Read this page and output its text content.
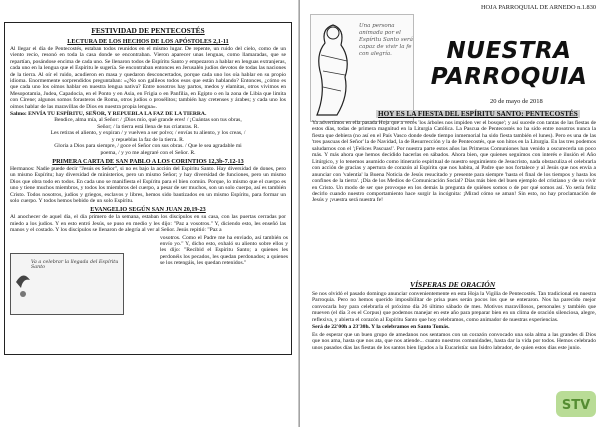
FESTIVIDAD DE PENTECOSTÉS
LECTURA DE LOS HECHOS DE LOS APÓSTOLES 2,1-11

Al llegar el día de Pentecostés, estaban todos reunidos en el mismo lugar. De repente, un ruido del cielo, como de un viento recio, resonó en toda la casa donde se encontraban. Vieron aparecer unas lenguas, como llamaradas, que se repartían, posándose encima de cada uno. Se llenaron todos de Espíritu Santo y empezaron a hablar en lenguas extranjeras, cada uno en la lengua que el Espíritu le sugería. Se encontraban entonces en Jerusalén judíos devotos de todas las naciones de la tierra. Al oír el ruido, acudieron en masa y quedaron desconcertados, porque cada uno los oía hablar en su propio idioma. Enormemente sorprendidos preguntaban: «¿No son galileos todos esos que están hablando? Entonces, ¿cómo es que cada uno los oímos hablar en nuestra lengua nativa? Entre nosotros hay partos, medos y elamitas, otros vivimos en Mesopotamia, Judea, Capadocia, en el Ponto y en Asia, en Frigia o en Panfilia, en Egipto o en la zona de Libia que limita con Cirene; algunos somos forasteros de Roma, otros judíos o prosélitos; también hay cretenses y árabes; y cada uno los oímos hablar de las maravillas de Dios en nuestra propia lengua».

Salmo: ENVÍA TU ESPÍRITU, SEÑOR, Y REPUEBLA LA FAZ DE LA TIERRA.

Bendice, alma mía, al Señor: / ¡Dios mío, qué grande eres! / ¡Cuántas son tus obras,

Señor; / la tierra está llena de tus criaturas. R.

Les retiras el aliento, y expiran / y vuelven a ser polvo; / envías tu aliento, y los creas, /

y repueblas la faz de la tierra. R.

Gloria a Dios para siempre, / goce el Señor con sus obras. / Que le sea agradable mi

poema, / y yo me alegraré con el Señor. R.

PRIMERA CARTA DE SAN PABLO A LOS CORINTIOS 12,3b-7.12-13

Hermanos: Nadie puede decir "Jesús es Señor", si no es bajo la acción del Espíritu Santo. Hay diversidad de dones, pero un mismo Espíritu; hay diversidad de ministerios, pero un mismo Señor; y hay diversidad de funciones, pero un mismo Dios que obra todo en todos. En cada uno se manifiesta el Espíritu para el bien común. Porque, lo mismo que el cuerpo es uno y tiene muchos miembros, y todos los miembros del cuerpo, a pesar de ser muchos, son un solo cuerpo, así es también Cristo. Todos nosotros, judíos y griegos, esclavos y libres, hemos sido bautizados en un mismo Espíritu, para formar un solo cuerpo. Y todos hemos bebido de un solo Espíritu.

EVANGELIO SEGÚN SAN JUAN 20,19-23

Al anochecer de aquel día, el día primero de la semana, estaban los discípulos en su casa, con las puertas cerradas por miedo a los judíos. Y en esto entró Jesús, se puso en medio y les dijo: "Paz a vosotros." Y, diciendo esto, les enseñó las manos y el costado. Y los discípulos se llenaron de alegría al ver al Señor. Jesús repitió: "Paz a

Va a celebrar la llegada del Espíritu Santo

vosotros. Como el Padre me ha enviado, así también os envío yo." Y, dicho esto, exhaló su aliento sobre ellos y les dijo: "Recibid el Espíritu Santo; a quienes les perdonéis los pecados, les quedan perdonados; a quienes se los retengáis, les quedan retenidos."

HOJA PARROQUIAL DE ARNEDO n.1.830
Una persona animada por el Espíritu Santo será capaz de vivir la fe con alegría.	NUESTRA
PARROQUIA
20 de mayo de 2018
HOY ES LA FIESTA DEL ESPÍRITU SANTO: PENTECOSTÉS

Ya advertimos en ella pasada Hoja que a veces 'los árboles nos impiden ver el bosque'; y así sucede con tantas de las fiestas de estos días, todas de primera magnitud en la Liturgia Católica. La Pascua de Pentecostés no ha sido entre nosotros nunca la fiesta que debiera (no así en el País Vasco donde desde tiempo inmemorial ha sido fiesta también el lunes). Pero es una de las 'tres pascuas del Señor' la de Navidad, la de Resurrección y la de Pentecostés, que son hitos en la Liturgia. En las tres podemos saludarnos con el '¡Felices Pascuas!'. Por nuestra parte estos años las Primeras Comuniones han venido a oscurecerla un poco más. Y más ahora que hemos decidido hacerlas en sábados. Ahora bien, que quienes seguimos con interés e ilusión el Año Litúrgico, y lo tenemos asumido como itinerario espiritual de nuestro seguimiento de Jesucristo, nada obstaculiza el celebrarla con acción de gracias y apertura de corazón al Espíritu que nos habita, al Padre que nos fortalece y al Jesús que nos envía a anunciar con 'valentía' la Buena Noticia de Jesús resucitado y presente para siempre 'hasta el final de los tiempos y hasta los confines de la tierra'. ¡Día de los Medios de Comunicación Social? Días más bien del buen ejemplo del cristiano y de su vivir en Cristo. Un modo de ser que provoque en los demás la pregunta de quiénes somos o de por qué somos así. Yo sería feliz decirlo cuando nuestro comportamiento hace surgir la incógnita: ¡Mirad cómo se aman! Sin esto, no hay proclamación de Jesús y ¡vuestra será nuestra fe!

VÍSPERAS DE ORACIÓN

Se nos olvidó el pasado domingo anunciar convenientemente en esta Hoja la Vigilia de Pentecostés. Tan tradicional en nuestra Parroquia. Pero no hemos querido imposibilitar de prisa pues serán pocos los que se enteraron. Nos ha parecido mejor convocarla hoy para celebrarla el próximo día 26 último sábado de mes. Motivos maravillosos, personales y también que mueven (el día 3 es el Corpus) que podemos manejar en este año para preparar bien en un clima de oración silenciosa, alegre, reflexiva, y abierta el corazón al Espíritu Santo que hoy celebramos, como animador de nuestras experiencias.

Será de 22'00h a 23'30h. Y la celebramos en Santo Tomás.

Es de esperar que un buen grupo de amedanos nos sentamos con un corazón convocado una sola alma a las grandes di Dios que nos ama, hasta que nos ata, que nos atiende... cuanto nuestros comunidades, hasta dar la vida por todos. Hemos celebrado unos pasados días las fiestas de los santos bien ligados a la Eucaristía: san Isidro labrador, de quien estos días este junio.

STV
